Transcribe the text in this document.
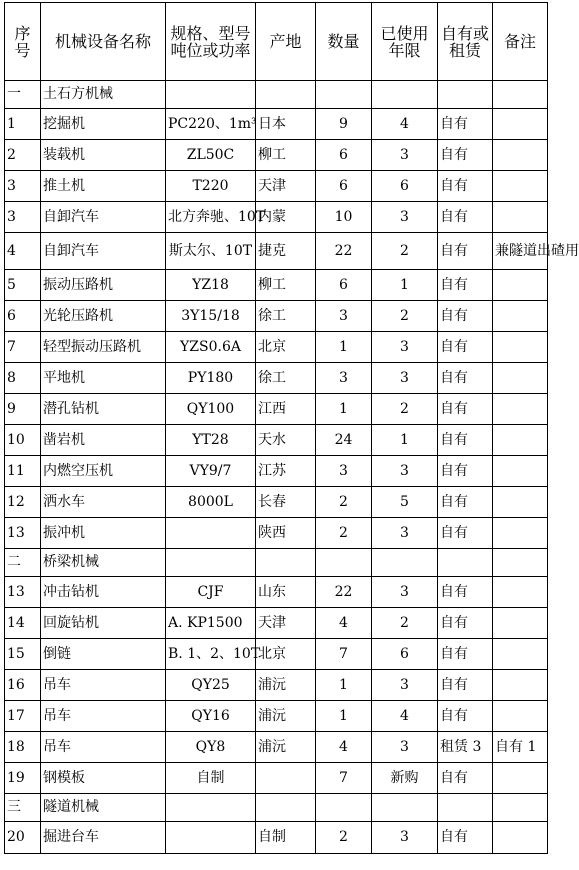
序号	机械设备名称	规格、型号吨位或功率	产地	数量	已使用年限	自有或租赁	备注
一	土石方机械						
1	挖掘机	PC220、1m³	日本	9	4	自有	
2	装载机	ZL50C	柳工	6	3	自有	
3	推土机	T220	天津	6	6	自有	
3	自卸汽车	北方奔驰、10T	内蒙	10	3	自有	
4	自卸汽车	斯太尔、10T	捷克	22	2	自有	兼隧道出碴用
5	振动压路机	YZ18	柳工	6	1	自有	
6	光轮压路机	3Y15/18	徐工	3	2	自有	
7	轻型振动压路机	YZS0.6A	北京	1	3	自有	
8	平地机	PY180	徐工	3	3	自有	
9	潜孔钻机	QY100	江西	1	2	自有	
10	凿岩机	YT28	天水	24	1	自有	
11	内燃空压机	VY9/7	江苏	3	3	自有	
12	洒水车	8000L	长春	2	5	自有	
13	振冲机		陕西	2	3	自有	
二	桥梁机械						
13	冲击钻机	CJF	山东	22	3	自有	
14	回旋钻机	A. KP1500	天津	4	2	自有	
15	倒链	B. 1、2、10T	北京	7	6	自有	
16	吊车	QY25	浦沅	1	3	自有	
17	吊车	QY16	浦沅	1	4	自有	
18	吊车	QY8	浦沅	4	3	租赁 3	自有 1
19	钢模板	自制		7	新购	自有	
三	隧道机械						
20	掘进台车		自制	2	3	自有	
